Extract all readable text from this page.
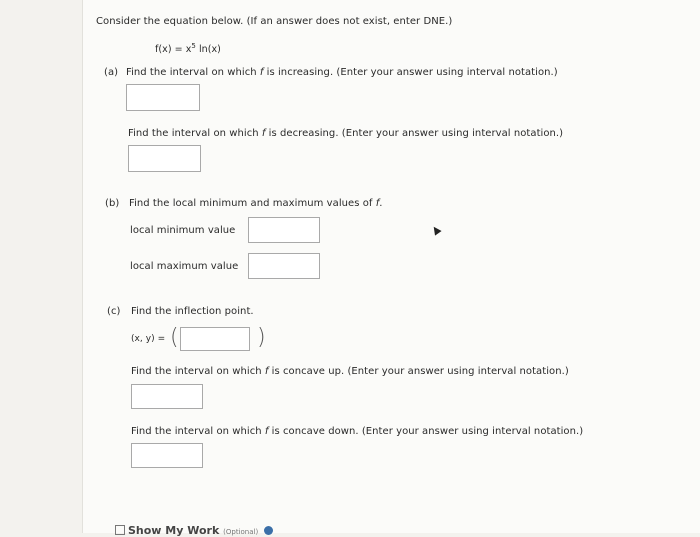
Consider the equation below. (If an answer does not exist, enter DNE.)
$f(x) = x^5$ ln(x)
(a) Find the interval on which f is increasing. (Enter your answer using interval notation.)
Find the interval on which f is decreasing. (Enter your answer using interval notation.)
(b) Find the local minimum and maximum values of f.
local minimum value
local maximum value
(c) Find the inflection point.
(x, y) = (	)
Find the interval on which f is concave up. (Enter your answer using interval notation.)
Find the interval on which f is concave down. (Enter your answer using interval notation.)
Show My Work (Optional)
